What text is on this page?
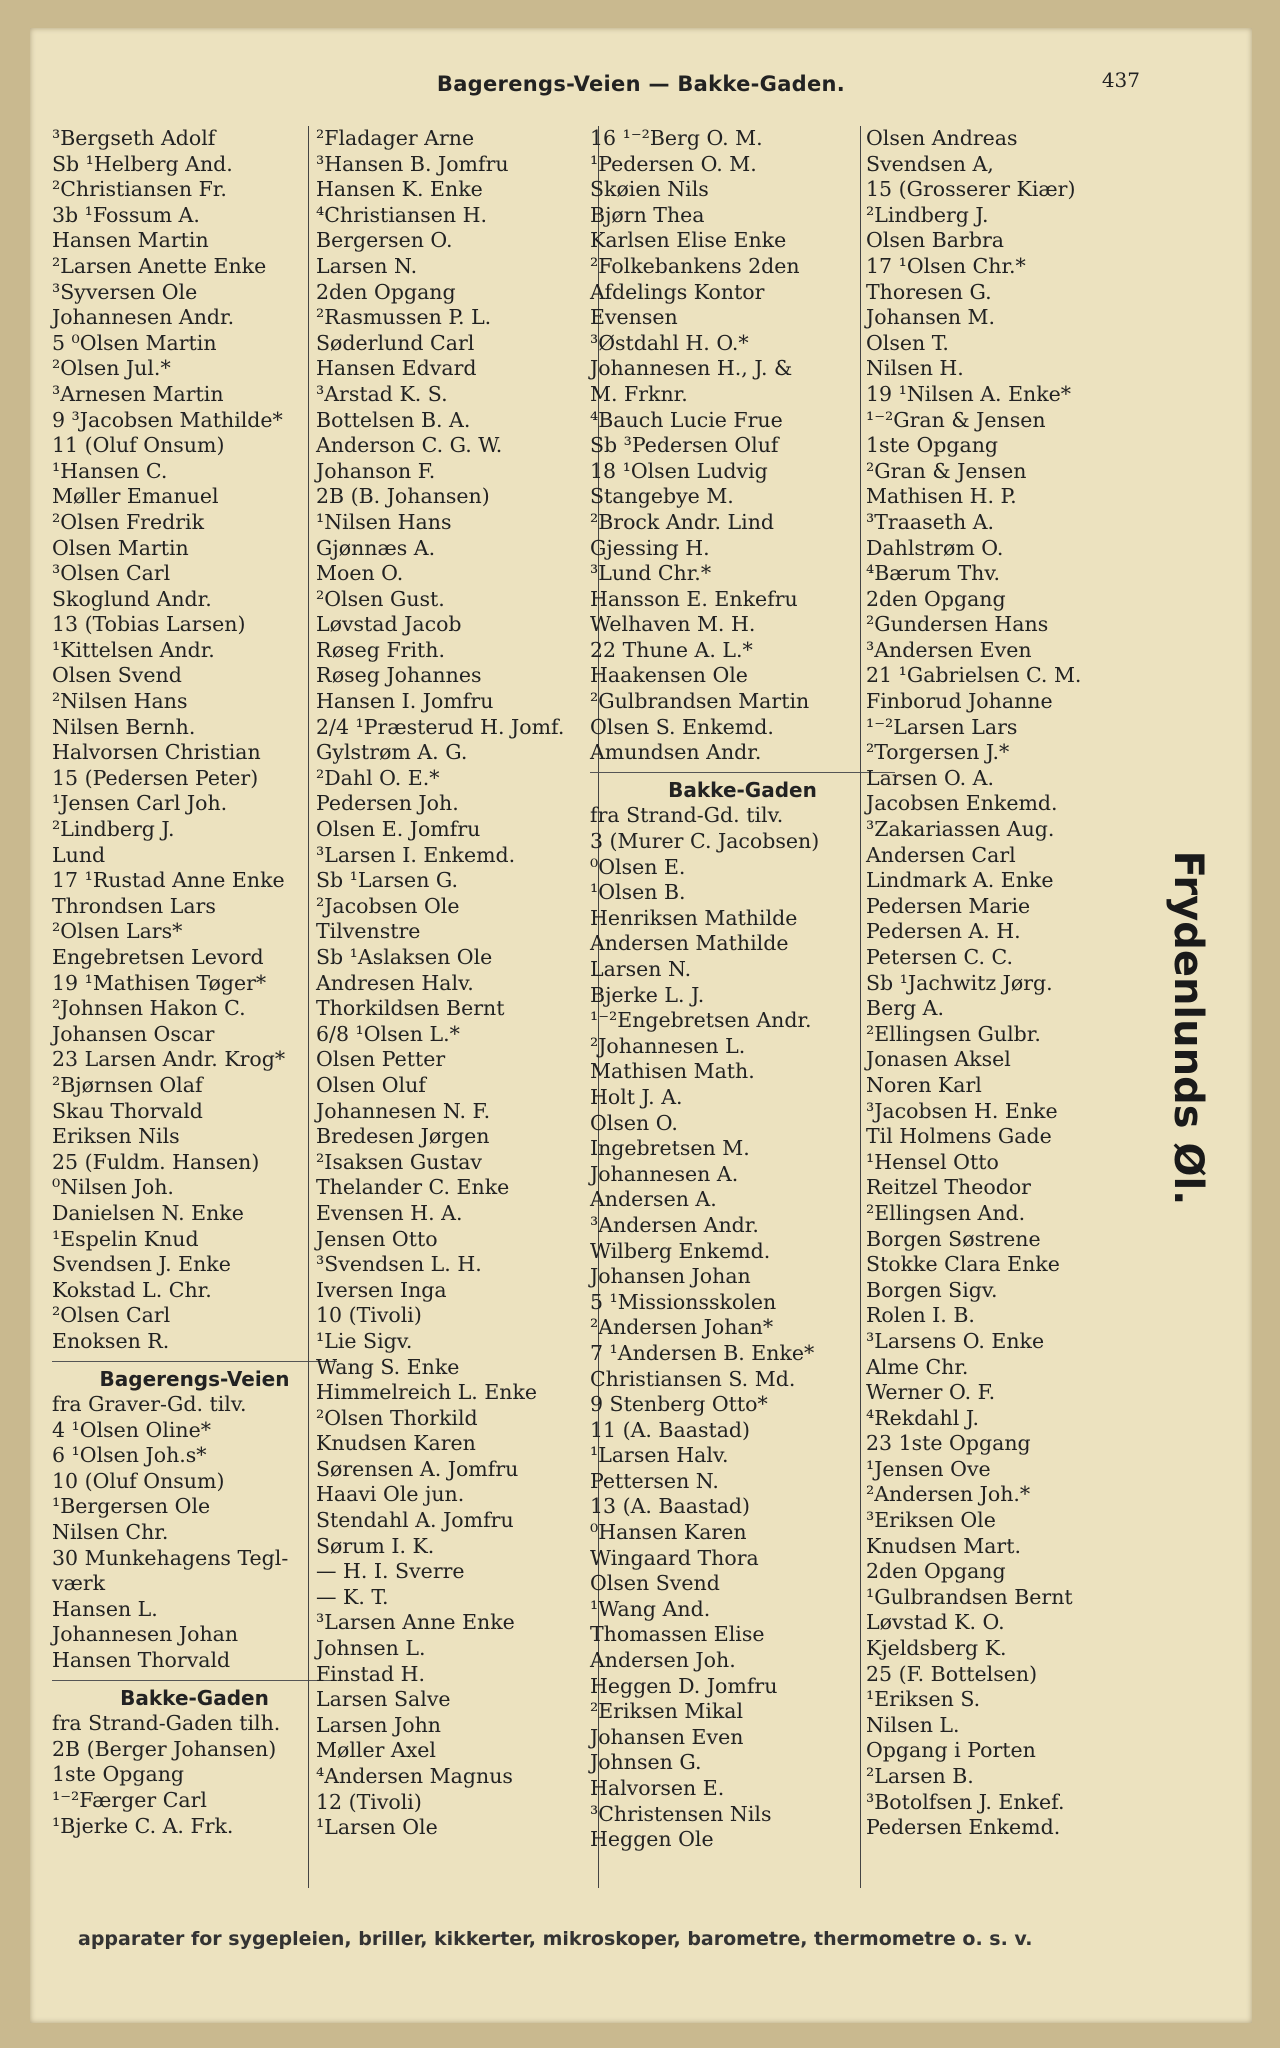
Bagerengs-Veien — Bakke-Gaden.	437
³Bergseth Adolf
Sb ¹Helberg And.
²Christiansen Fr.
3b ¹Fossum A.
Hansen Martin
²Larsen Anette Enke
³Syversen Ole
Johannesen Andr.
5 ⁰Olsen Martin
²Olsen Jul.*
³Arnesen Martin
9 ³Jacobsen Mathilde*
11 (Oluf Onsum)
¹Hansen C.
Møller Emanuel
²Olsen Fredrik
Olsen Martin
³Olsen Carl
Skoglund Andr.
13 (Tobias Larsen)
¹Kittelsen Andr.
Olsen Svend
²Nilsen Hans
Nilsen Bernh.
Halvorsen Christian
15 (Pedersen Peter)
¹Jensen Carl Joh.
²Lindberg J.
Lund
17 ¹Rustad Anne Enke
Throndsen Lars
²Olsen Lars*
Engebretsen Levord
19 ¹Mathisen Tøger*
²Johnsen Hakon C.
Johansen Oscar
23 Larsen Andr. Krog*
²Bjørnsen Olaf
Skau Thorvald
Eriksen Nils
25 (Fuldm. Hansen)
⁰Nilsen Joh.
Danielsen N. Enke
¹Espelin Knud
Svendsen J. Enke
Kokstad L. Chr.
²Olsen Carl
Enoksen R.
Bagerengs-Veien
fra Graver-Gd. tilv.
4 ¹Olsen Oline*
6 ¹Olsen Joh.s*
10 (Oluf Onsum)
¹Bergersen Ole
Nilsen Chr.
30 Munkehagens Tegl-
værk
Hansen L.
Johannesen Johan
Hansen Thorvald
Bakke-Gaden
fra Strand-Gaden tilh.
2B (Berger Johansen)
1ste Opgang
¹⁻²Færger Carl
¹Bjerke C. A. Frk.
²Fladager Arne
³Hansen B. Jomfru
Hansen K. Enke
⁴Christiansen H.
Bergersen O.
Larsen N.
2den Opgang
²Rasmussen P. L.
Søderlund Carl
Hansen Edvard
³Arstad K. S.
Bottelsen B. A.
Anderson C. G. W.
Johanson F.
2B (B. Johansen)
¹Nilsen Hans
Gjønnæs A.
Moen O.
²Olsen Gust.
Løvstad Jacob
Røseg Frith.
Røseg Johannes
Hansen I. Jomfru
2/4 ¹Præsterud H. Jomf.
Gylstrøm A. G.
²Dahl O. E.*
Pedersen Joh.
Olsen E. Jomfru
³Larsen I. Enkemd.
Sb ¹Larsen G.
²Jacobsen Ole
Tilvenstre
Sb ¹Aslaksen Ole
Andresen Halv.
Thorkildsen Bernt
6/8 ¹Olsen L.*
Olsen Petter
Olsen Oluf
Johannesen N. F.
Bredesen Jørgen
²Isaksen Gustav
Thelander C. Enke
Evensen H. A.
Jensen Otto
³Svendsen L. H.
Iversen Inga
10 (Tivoli)
¹Lie Sigv.
Wang S. Enke
Himmelreich L. Enke
²Olsen Thorkild
Knudsen Karen
Sørensen A. Jomfru
Haavi Ole jun.
Stendahl A. Jomfru
Sørum I. K.
— H. I. Sverre
— K. T.
³Larsen Anne Enke
Johnsen L.
Finstad H.
Larsen Salve
Larsen John
Møller Axel
⁴Andersen Magnus
12 (Tivoli)
¹Larsen Ole
16 ¹⁻²Berg O. M.
¹Pedersen O. M.
Skøien Nils
Bjørn Thea
Karlsen Elise Enke
²Folkebankens 2den
Afdelings Kontor
Evensen
³Østdahl H. O.*
Johannesen H., J. &
M. Frknr.
⁴Bauch Lucie Frue
Sb ³Pedersen Oluf
18 ¹Olsen Ludvig
Stangebye M.
²Brock Andr. Lind
Gjessing H.
³Lund Chr.*
Hansson E. Enkefru
Welhaven M. H.
22 Thune A. L.*
Haakensen Ole
²Gulbrandsen Martin
Olsen S. Enkemd.
Amundsen Andr.
Bakke-Gaden
fra Strand-Gd. tilv.
3 (Murer C. Jacobsen)
⁰Olsen E.
¹Olsen B.
Henriksen Mathilde
Andersen Mathilde
Larsen N.
Bjerke L. J.
¹⁻²Engebretsen Andr.
²Johannesen L.
Mathisen Math.
Holt J. A.
Olsen O.
Ingebretsen M.
Johannesen A.
Andersen A.
³Andersen Andr.
Wilberg Enkemd.
Johansen Johan
5 ¹Missionsskolen
²Andersen Johan*
7 ¹Andersen B. Enke*
Christiansen S. Md.
9 Stenberg Otto*
11 (A. Baastad)
¹Larsen Halv.
Pettersen N.
13 (A. Baastad)
⁰Hansen Karen
Wingaard Thora
Olsen Svend
¹Wang And.
Thomassen Elise
Andersen Joh.
Heggen D. Jomfru
²Eriksen Mikal
Johansen Even
Johnsen G.
Halvorsen E.
³Christensen Nils
Heggen Ole
Olsen Andreas
Svendsen A,
15 (Grosserer Kiær)
²Lindberg J.
Olsen Barbra
17 ¹Olsen Chr.*
Thoresen G.
Johansen M.
Olsen T.
Nilsen H.
19 ¹Nilsen A. Enke*
¹⁻²Gran & Jensen
1ste Opgang
²Gran & Jensen
Mathisen H. P.
³Traaseth A.
Dahlstrøm O.
⁴Bærum Thv.
2den Opgang
²Gundersen Hans
³Andersen Even
21 ¹Gabrielsen C. M.
Finborud Johanne
¹⁻²Larsen Lars
²Torgersen J.*
Larsen O. A.
Jacobsen Enkemd.
³Zakariassen Aug.
Andersen Carl
Lindmark A. Enke
Pedersen Marie
Pedersen A. H.
Petersen C. C.
Sb ¹Jachwitz Jørg.
Berg A.
²Ellingsen Gulbr.
Jonasen Aksel
Noren Karl
³Jacobsen H. Enke
Til Holmens Gade
¹Hensel Otto
Reitzel Theodor
²Ellingsen And.
Borgen Søstrene
Stokke Clara Enke
Borgen Sigv.
Rolen I. B.
³Larsens O. Enke
Alme Chr.
Werner O. F.
⁴Rekdahl J.
23 1ste Opgang
¹Jensen Ove
²Andersen Joh.*
³Eriksen Ole
Knudsen Mart.
2den Opgang
¹Gulbrandsen Bernt
Løvstad K. O.
Kjeldsberg K.
25 (F. Bottelsen)
¹Eriksen S.
Nilsen L.
Opgang i Porten
²Larsen B.
³Botolfsen J. Enkef.
Pedersen Enkemd.
Frydenlunds Øl.
apparater for sygepleien, briller, kikkerter, mikroskoper, barometre, thermometre o. s. v.
